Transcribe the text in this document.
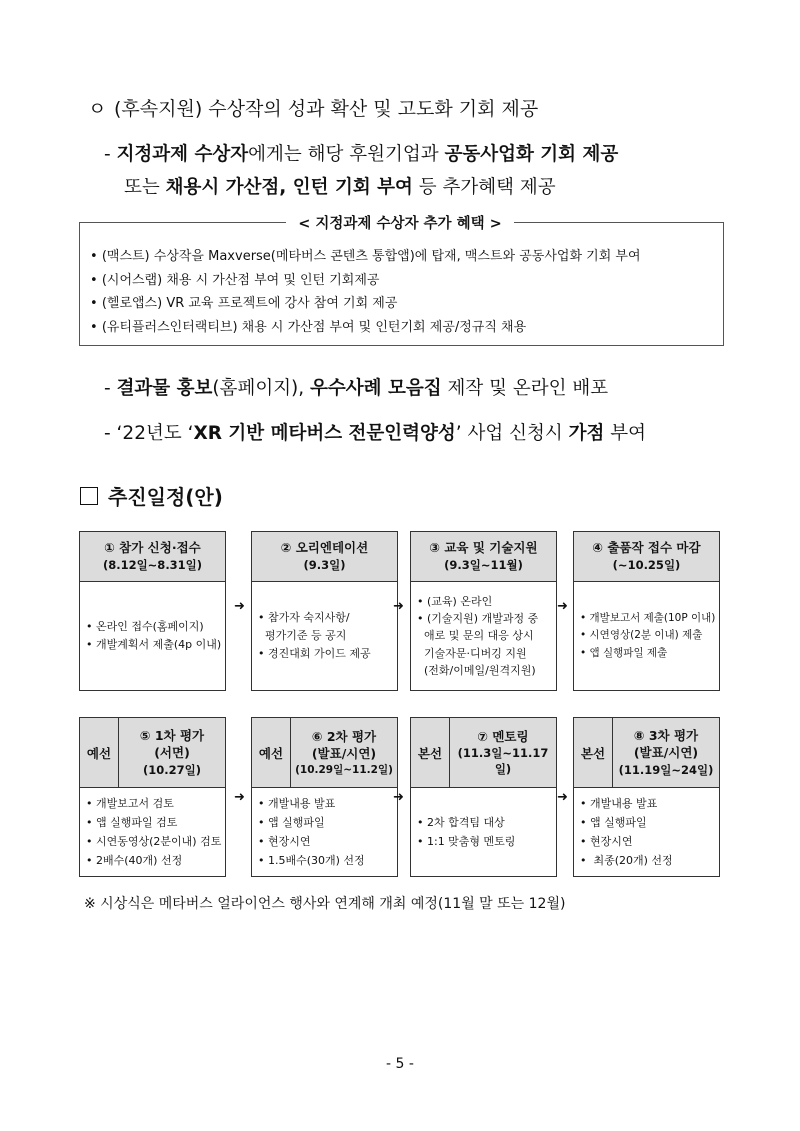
ㅇ (후속지원) 수상작의 성과 확산 및 고도화 기회 제공
- 지정과제 수상자에게는 해당 후원기업과 공동사업화 기회 제공
또는 채용시 가산점, 인턴 기회 부여 등 추가혜택 제공
• (맥스트) 수상작을 Maxverse(메타버스 콘텐츠 통합앱)에 탑재, 맥스트와 공동사업화 기회 부여
• (시어스랩) 채용 시 가산점 부여 및 인턴 기회제공
• (헬로앱스) VR 교육 프로젝트에 강사 참여 기회 제공
• (유티플러스인터랙티브) 채용 시 가산점 부여 및 인턴기회 제공/정규직 채용
< 지정과제 수상자 추가 혜택 >
- 결과물 홍보(홈페이지), 우수사례 모음집 제작 및 온라인 배포
- ‘22년도 ‘XR 기반 메타버스 전문인력양성’ 사업 신청시 가점 부여
추진일정(안)
① 참가 신청·접수
(8.12일~8.31일)
• 온라인 접수(홈페이지)
• 개발계획서 제출(4p 이내)
② 오리엔테이션
(9.3일)
• 참가자 숙지사항/
평가기준 등 공지
• 경진대회 가이드 제공
③ 교육 및 기술지원
(9.3일~11월)
• (교육) 온라인
• (기술지원) 개발과정 중
애로 및 문의 대응 상시
기술자문·디버깅 지원
(전화/이메일/원격지원)
④ 출품작 접수 마감
(~10.25일)
• 개발보고서 제출(10P 이내)
• 시연영상(2분 이내) 제출
• 앱 실행파일 제출
➜	➜	➜
예선
⑤ 1차 평가
(서면)
(10.27일)
• 개발보고서 검토
• 앱 실행파일 검토
• 시연동영상(2분이내) 검토
• 2배수(40개) 선정
예선
⑥ 2차 평가
(발표/시연)
(10.29일~11.2일)
• 개발내용 발표
• 앱 실행파일
• 현장시연
• 1.5배수(30개) 선정
본선
⑦ 멘토링
(11.3일~11.17일)
• 2차 합격팀 대상
• 1:1 맞춤형 멘토링
본선
⑧ 3차 평가
(발표/시연)
(11.19일~24일)
• 개발내용 발표
• 앱 실행파일
• 현장시연
•  최종(20개) 선정
➜	➜	➜
※ 시상식은 메타버스 얼라이언스 행사와 연계해 개최 예정(11월 말 또는 12월)
- 5 -
